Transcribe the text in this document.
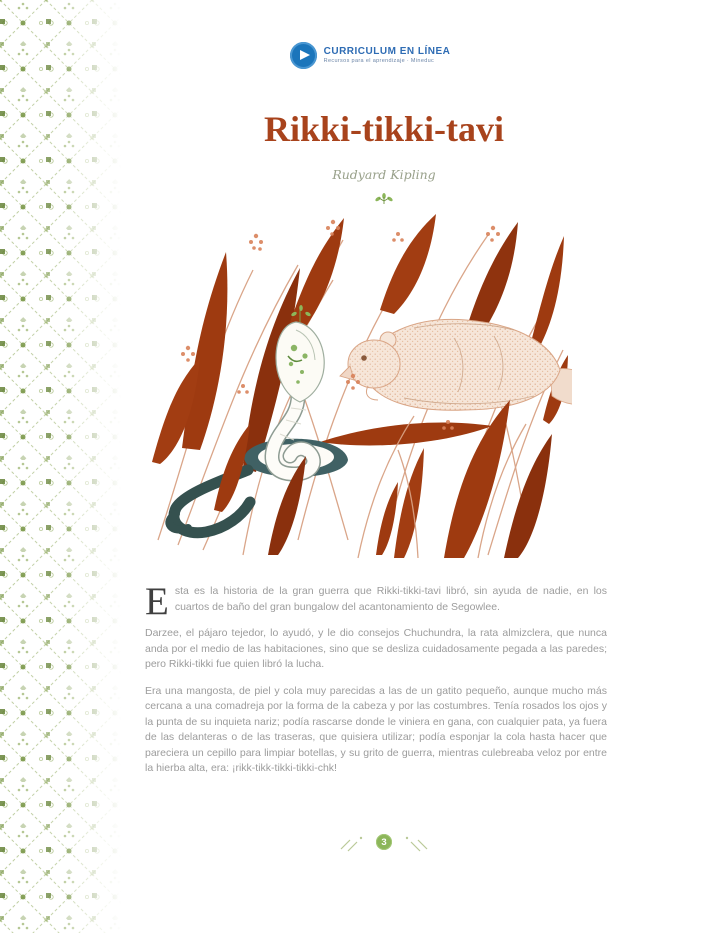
CURRICULUM EN LÍNEA
Recursos para el aprendizaje · Mineduc
Rikki-tikki-tavi
Rudyard Kipling

Esta es la historia de la gran guerra que Rikki-tikki-tavi libró, sin ayuda de nadie, en los cuartos de baño del gran bungalow del acantonamiento de Segowlee.

Darzee, el pájaro tejedor, lo ayudó, y le dio consejos Chuchundra, la rata almizclera, que nunca anda por el medio de las habitaciones, sino que se desliza cuidadosamente pegada a las paredes; pero Rikki-tikki fue quien libró la lucha.

Era una mangosta, de piel y cola muy parecidas a las de un gatito pequeño, aunque mucho más cercana a una comadreja por la forma de la cabeza y por las costumbres. Tenía rosados los ojos y la punta de su inquieta nariz; podía rascarse donde le viniera en gana, con cualquier pata, ya fuera de las delanteras o de las traseras, que quisiera utilizar; podía esponjar la cola hasta hacer que pareciera un cepillo para limpiar botellas, y su grito de guerra, mientras culebreaba veloz por entre la hierba alta, era: ¡rikk-tikk-tikki-tikki-chk!

3
